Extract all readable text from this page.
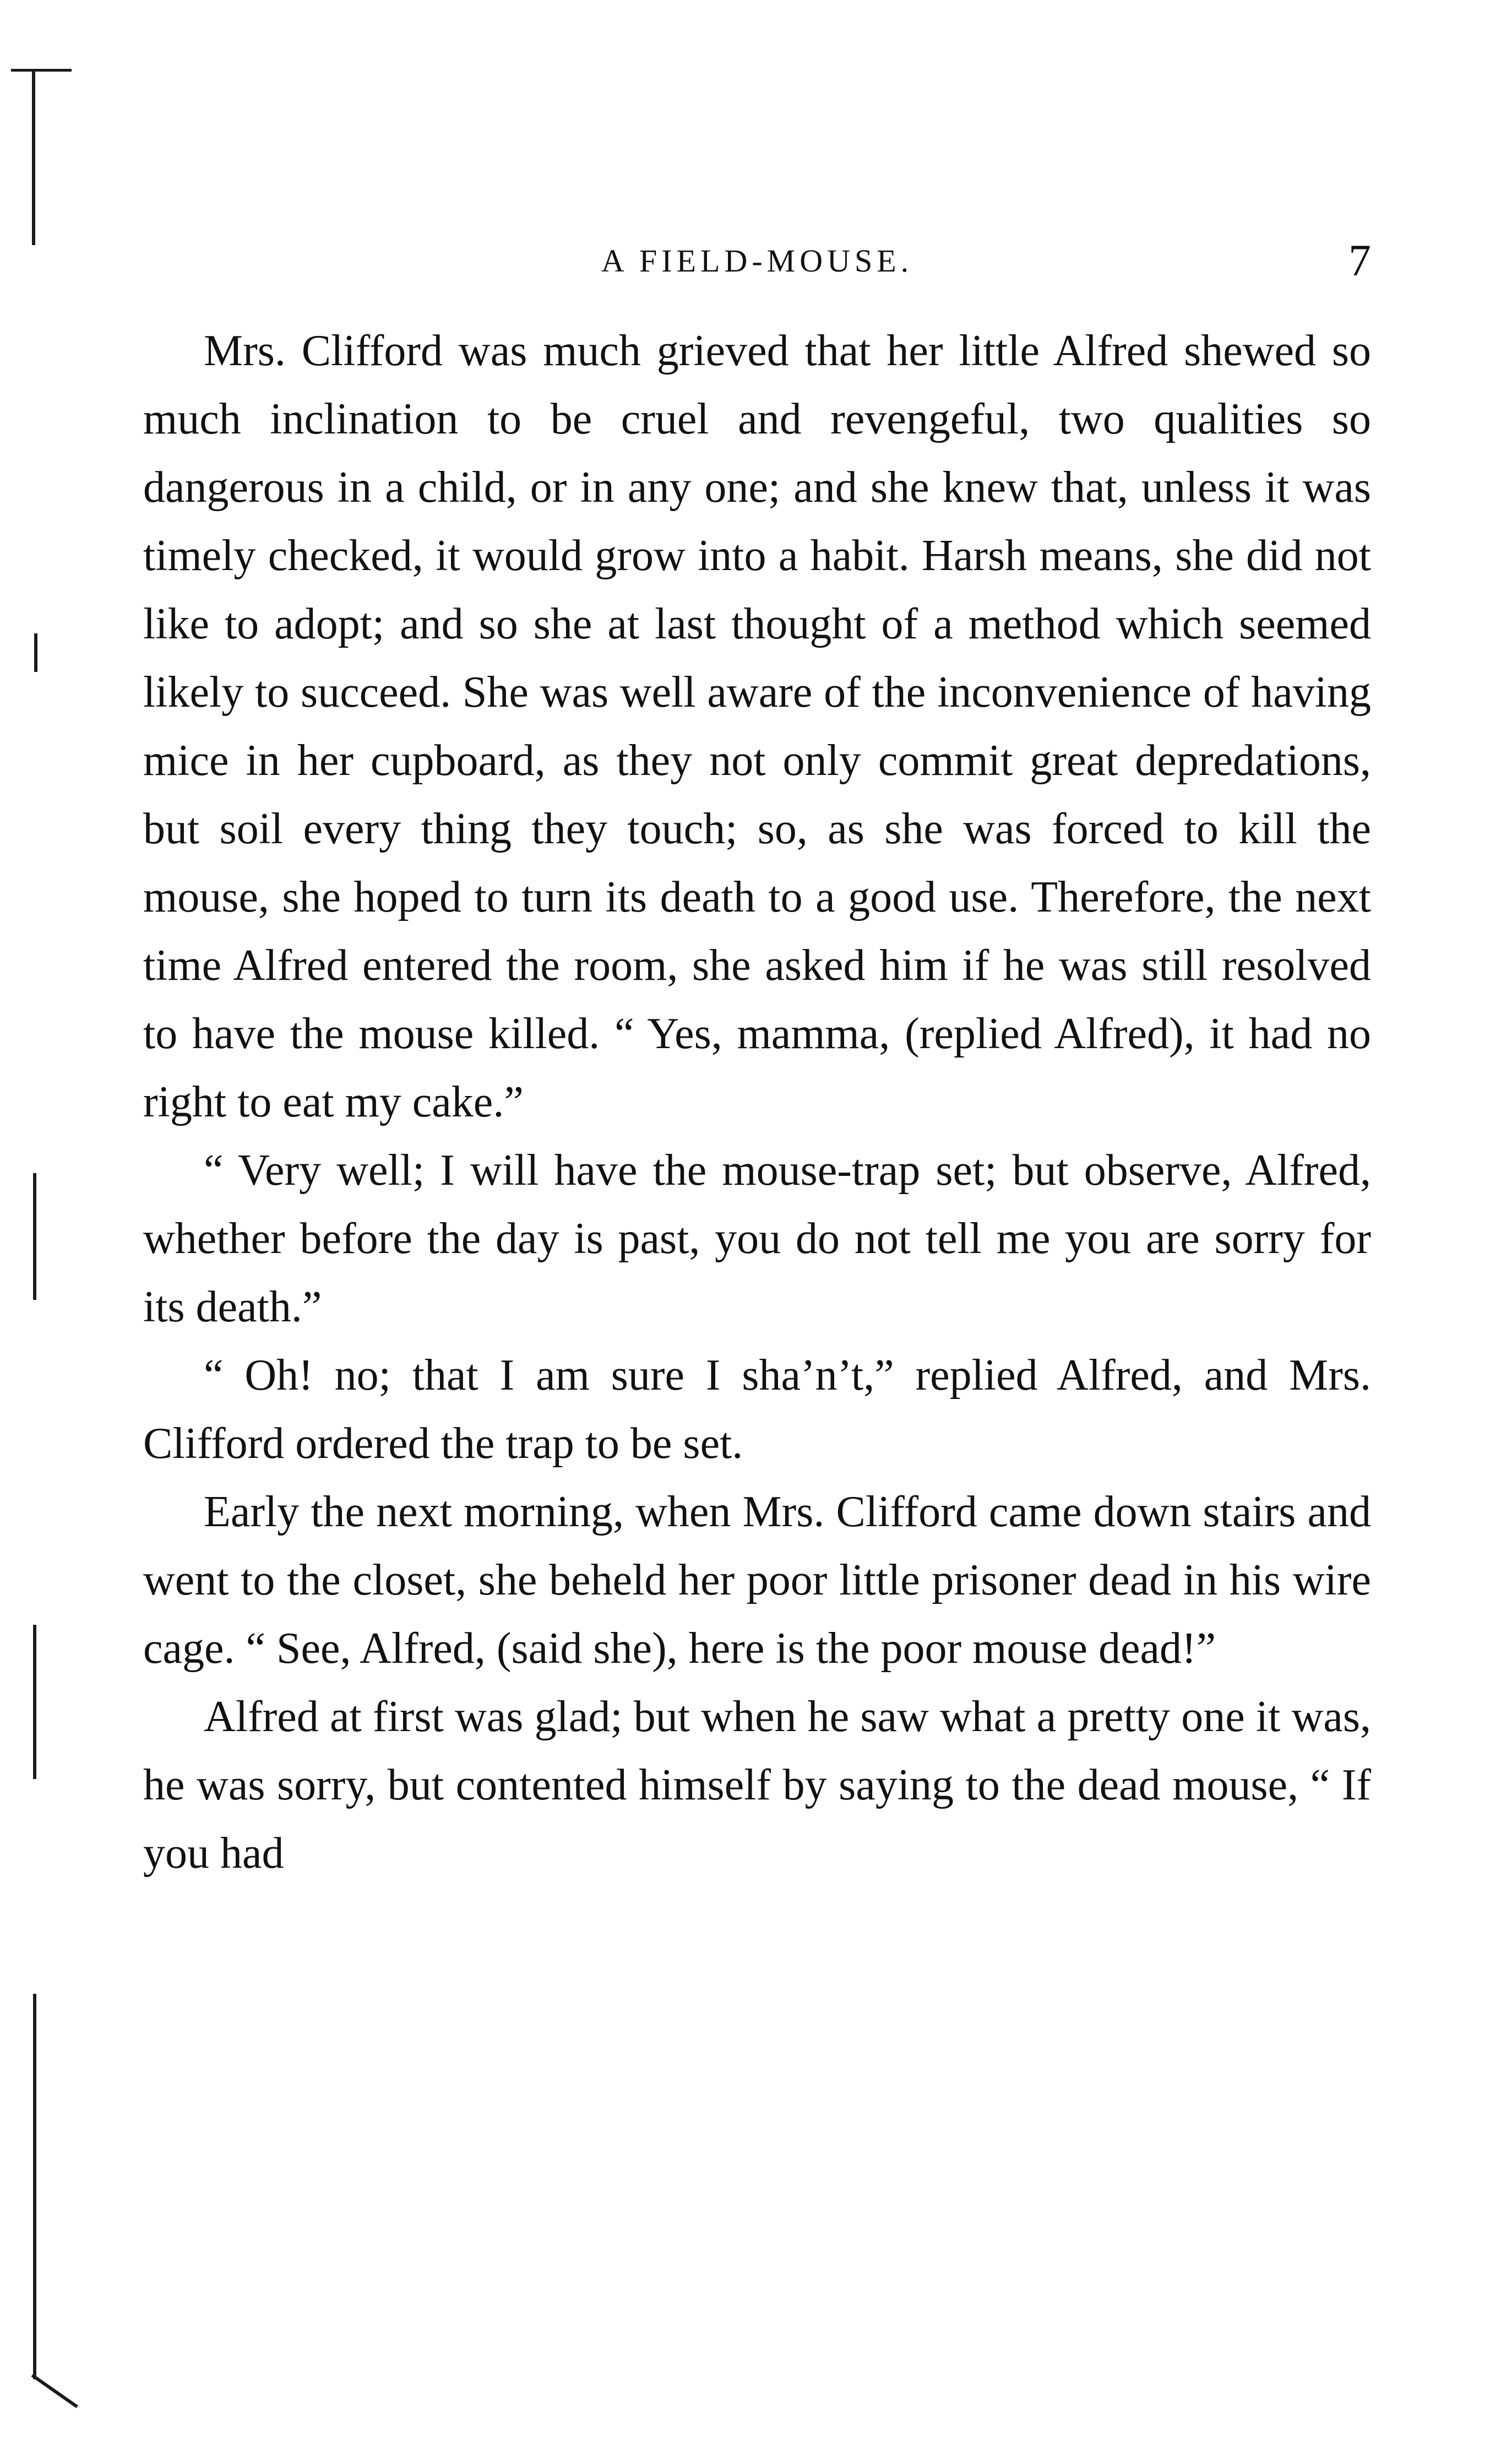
A FIELD-MOUSE.	7

Mrs. Clifford was much grieved that her little Alfred shewed so much inclination to be cruel and revengeful, two qualities so dangerous in a child, or in any one; and she knew that, unless it was timely checked, it would grow into a habit. Harsh means, she did not like to adopt; and so she at last thought of a method which seemed likely to succeed. She was well aware of the inconvenience of having mice in her cupboard, as they not only commit great depredations, but soil every thing they touch; so, as she was forced to kill the mouse, she hoped to turn its death to a good use. Therefore, the next time Alfred entered the room, she asked him if he was still resolved to have the mouse killed. “ Yes, mamma, (replied Alfred), it had no right to eat my cake.”

“ Very well; I will have the mouse-trap set; but observe, Alfred, whether before the day is past, you do not tell me you are sorry for its death.”

“ Oh! no; that I am sure I sha’n’t,” replied Alfred, and Mrs. Clifford ordered the trap to be set.

Early the next morning, when Mrs. Clifford came down stairs and went to the closet, she beheld her poor little prisoner dead in his wire cage. “ See, Alfred, (said she), here is the poor mouse dead!”

Alfred at first was glad; but when he saw what a pretty one it was, he was sorry, but contented himself by saying to the dead mouse, “ If you had
